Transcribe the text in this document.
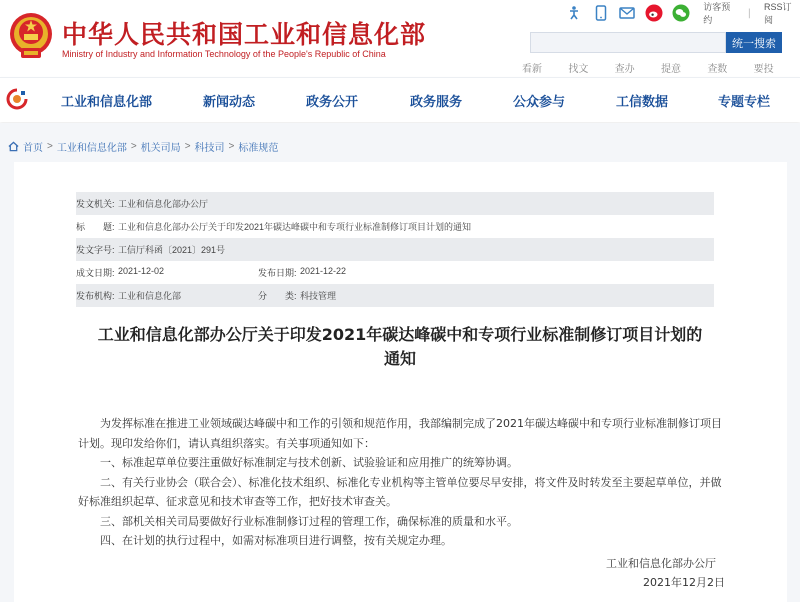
中华人民共和国工业和信息化部
Ministry of Industry and Information Technology of the People's Republic of China
访客预约
|
RSS订阅
统一搜索
看新	找文	查办	提意	查数	要投
工业和信息化部	新闻动态	政务公开	政务服务	公众参与	工信数据	专题专栏
首页 > 工业和信息化部 > 机关司局 > 科技司 > 标准规范
发文机关: 工业和信息化部办公厅
标　　题: 工业和信息化部办公厅关于印发2021年碳达峰碳中和专项行业标准制修订项目计划的通知
发文字号: 工信厅科函〔2021〕291号
成文日期: 2021-12-02	发布日期: 2021-12-22
发布机构: 工业和信息化部	分　　类: 科技管理
工业和信息化部办公厅关于印发2021年碳达峰碳中和专项行业标准制修订项目计划的
通知

为发挥标准在推进工业领域碳达峰碳中和工作的引领和规范作用，我部编制完成了2021年碳达峰碳中和专项行业标准制修订项目计划。现印发给你们，请认真组织落实。有关事项通知如下：

一、标准起草单位要注重做好标准制定与技术创新、试验验证和应用推广的统筹协调。

二、有关行业协会（联合会）、标准化技术组织、标准化专业机构等主管单位要尽早安排，将文件及时转发至主要起草单位，并做好标准组织起草、征求意见和技术审查等工作，把好技术审查关。

三、部机关相关司局要做好行业标准制修订过程的管理工作，确保标准的质量和水平。

四、在计划的执行过程中，如需对标准项目进行调整，按有关规定办理。

工业和信息化部办公厅
2021年12月2日
